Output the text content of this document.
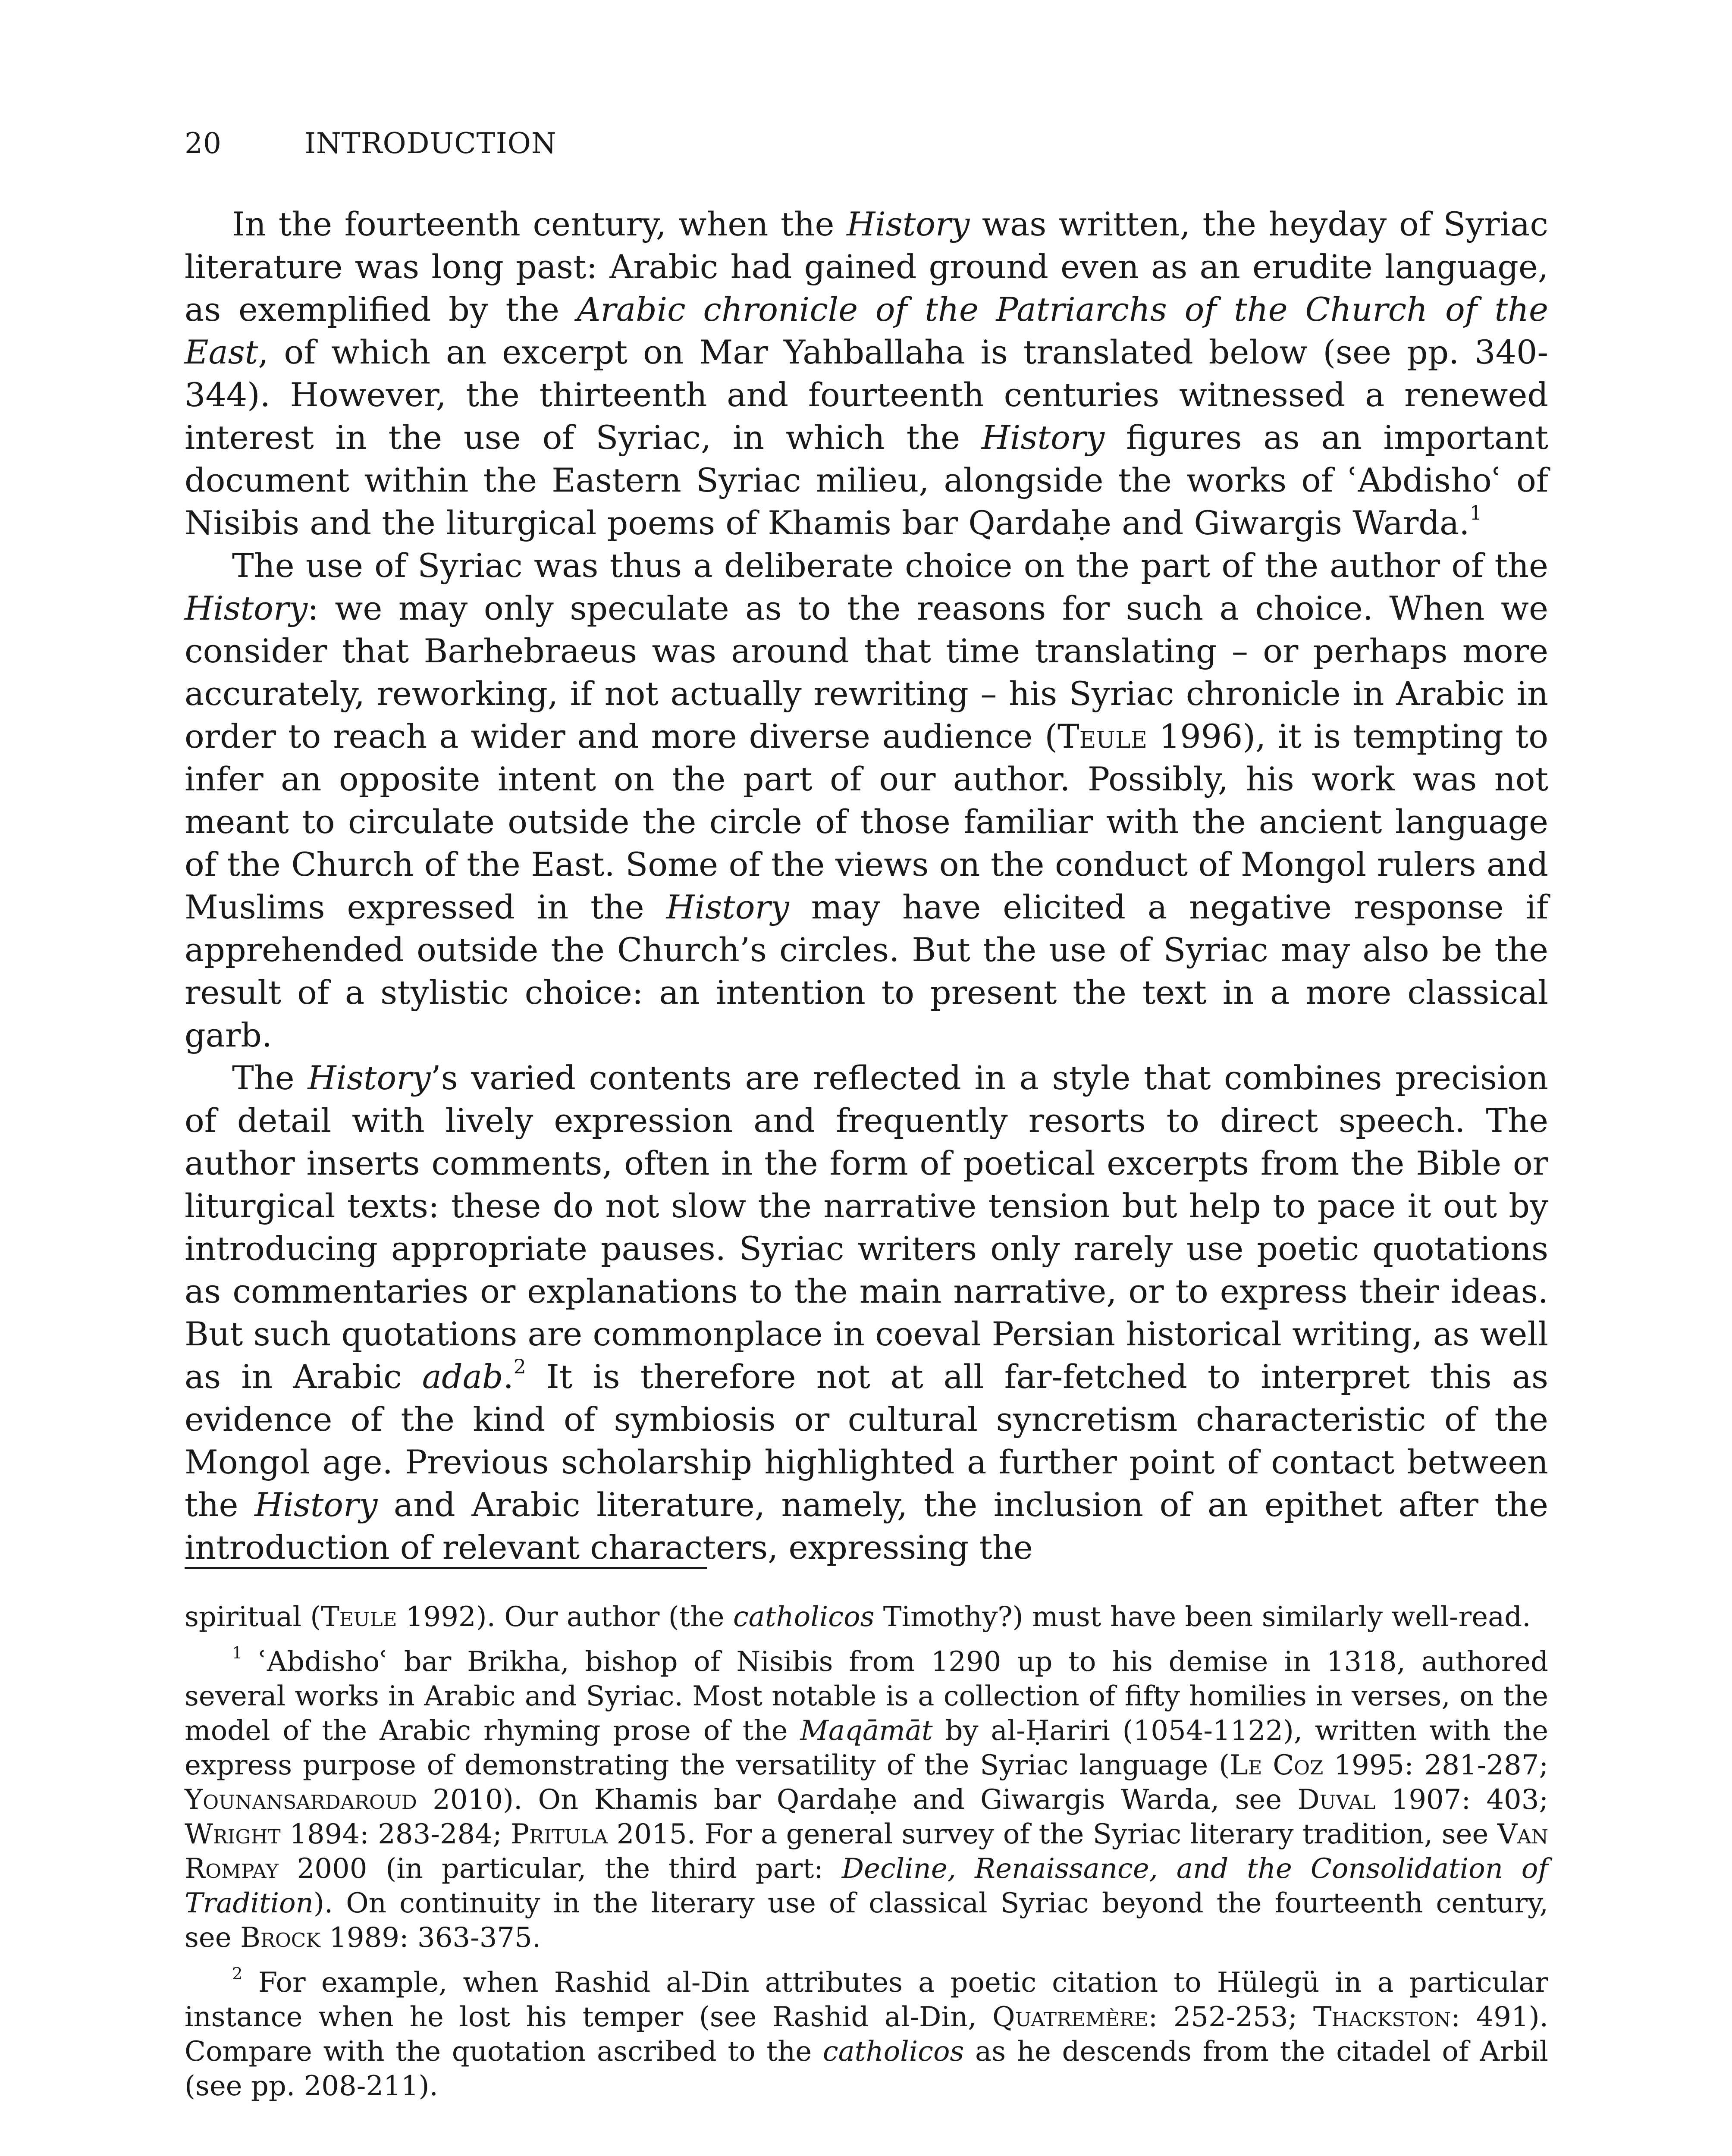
20	INTRODUCTION

In the fourteenth century, when the History was written, the heyday of Syriac literature was long past: Arabic had gained ground even as an erudite language, as exemplified by the Arabic chronicle of the Patriarchs of the Church of the East, of which an excerpt on Mar Yahballaha is translated below (see pp. 340-344). However, the thirteenth and fourteenth centuries witnessed a renewed interest in the use of Syriac, in which the History figures as an important document within the Eastern Syriac milieu, alongside the works of ʿAbdishoʿ of Nisibis and the liturgical poems of Khamis bar Qardaḥe and Giwargis Warda.$^1$

The use of Syriac was thus a deliberate choice on the part of the author of the History: we may only speculate as to the reasons for such a choice. When we consider that Barhebraeus was around that time translating – or perhaps more accurately, reworking, if not actually rewriting – his Syriac chronicle in Arabic in order to reach a wider and more diverse audience (Teule 1996), it is tempting to infer an opposite intent on the part of our author. Possibly, his work was not meant to circulate outside the circle of those familiar with the ancient language of the Church of the East. Some of the views on the conduct of Mongol rulers and Muslims expressed in the History may have elicited a negative response if apprehended outside the Church’s circles. But the use of Syriac may also be the result of a stylistic choice: an intention to present the text in a more classical garb.

The History’s varied contents are reflected in a style that combines precision of detail with lively expression and frequently resorts to direct speech. The author inserts comments, often in the form of poetical excerpts from the Bible or liturgical texts: these do not slow the narrative tension but help to pace it out by introducing appropriate pauses. Syriac writers only rarely use poetic quotations as commentaries or explanations to the main narrative, or to express their ideas. But such quotations are commonplace in coeval Persian historical writing, as well as in Arabic adab.$^2$ It is therefore not at all far-fetched to interpret this as evidence of the kind of symbiosis or cultural syncretism characteristic of the Mongol age. Previous scholarship highlighted a further point of contact between the History and Arabic literature, namely, the inclusion of an epithet after the introduction of relevant characters, expressing the

spiritual (Teule 1992). Our author (the catholicos Timothy?) must have been similarly well-read.

$^1$ ʿAbdishoʿ bar Brikha, bishop of Nisibis from 1290 up to his demise in 1318, authored several works in Arabic and Syriac. Most notable is a collection of fifty homilies in verses, on the model of the Arabic rhyming prose of the Maqāmāt by al-Ḥariri (1054-1122), written with the express purpose of demonstrating the versatility of the Syriac language (Le Coz 1995: 281-287; Younansardaroud 2010). On Khamis bar Qardaḥe and Giwargis Warda, see Duval 1907: 403; Wright 1894: 283-284; Pritula 2015. For a general survey of the Syriac literary tradition, see Van Rompay 2000 (in particular, the third part: Decline, Renaissance, and the Consolidation of Tradition). On continuity in the literary use of classical Syriac beyond the fourteenth century, see Brock 1989: 363-375.

$^2$ For example, when Rashid al-Din attributes a poetic citation to Hülegü in a particular instance when he lost his temper (see Rashid al-Din, Quatremère: 252-253; Thackston: 491). Compare with the quotation ascribed to the catholicos as he descends from the citadel of Arbil (see pp. 208-211).
